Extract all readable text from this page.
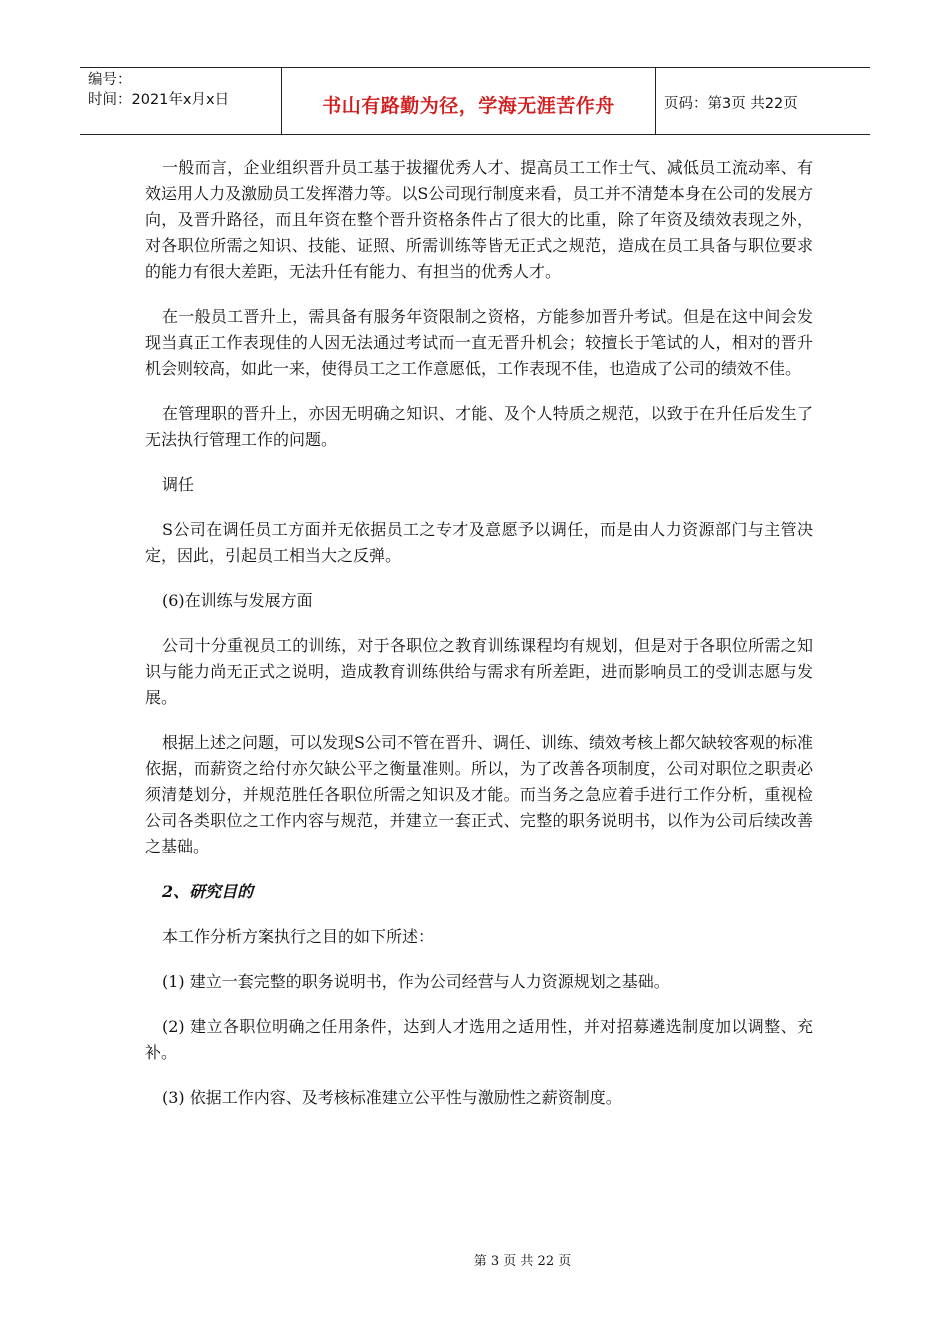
编号：
时间：2021年x月x日	书山有路勤为径，学海无涯苦作舟	页码：第3页 共22页

一般而言，企业组织晋升员工基于拔擢优秀人才、提高员工工作士气、减低员工流动率、有效运用人力及激励员工发挥潜力等。以S公司现行制度来看，员工并不清楚本身在公司的发展方向，及晋升路径，而且年资在整个晋升资格条件占了很大的比重，除了年资及绩效表现之外，对各职位所需之知识、技能、证照、所需训练等皆无正式之规范，造成在员工具备与职位要求的能力有很大差距，无法升任有能力、有担当的优秀人才。

在一般员工晋升上，需具备有服务年资限制之资格，方能参加晋升考试。但是在这中间会发现当真正工作表现佳的人因无法通过考试而一直无晋升机会；较擅长于笔试的人，相对的晋升机会则较高，如此一来，使得员工之工作意愿低，工作表现不佳，也造成了公司的绩效不佳。

在管理职的晋升上，亦因无明确之知识、才能、及个人特质之规范，以致于在升任后发生了无法执行管理工作的问题。

调任

S公司在调任员工方面并无依据员工之专才及意愿予以调任，而是由人力资源部门与主管决定，因此，引起员工相当大之反弹。

(6)在训练与发展方面

公司十分重视员工的训练，对于各职位之教育训练课程均有规划，但是对于各职位所需之知识与能力尚无正式之说明，造成教育训练供给与需求有所差距，进而影响员工的受训志愿与发展。

根据上述之问题，可以发现S公司不管在晋升、调任、训练、绩效考核上都欠缺较客观的标准依据，而薪资之给付亦欠缺公平之衡量准则。所以，为了改善各项制度，公司对职位之职责必须清楚划分，并规范胜任各职位所需之知识及才能。而当务之急应着手进行工作分析，重视检公司各类职位之工作内容与规范，并建立一套正式、完整的职务说明书，以作为公司后续改善之基础。

2、研究目的

本工作分析方案执行之目的如下所述：

(1) 建立一套完整的职务说明书，作为公司经营与人力资源规划之基础。

(2) 建立各职位明确之任用条件，达到人才选用之适用性，并对招募遴选制度加以调整、充补。

(3) 依据工作内容、及考核标准建立公平性与激励性之薪资制度。

第 3 页 共 22 页
